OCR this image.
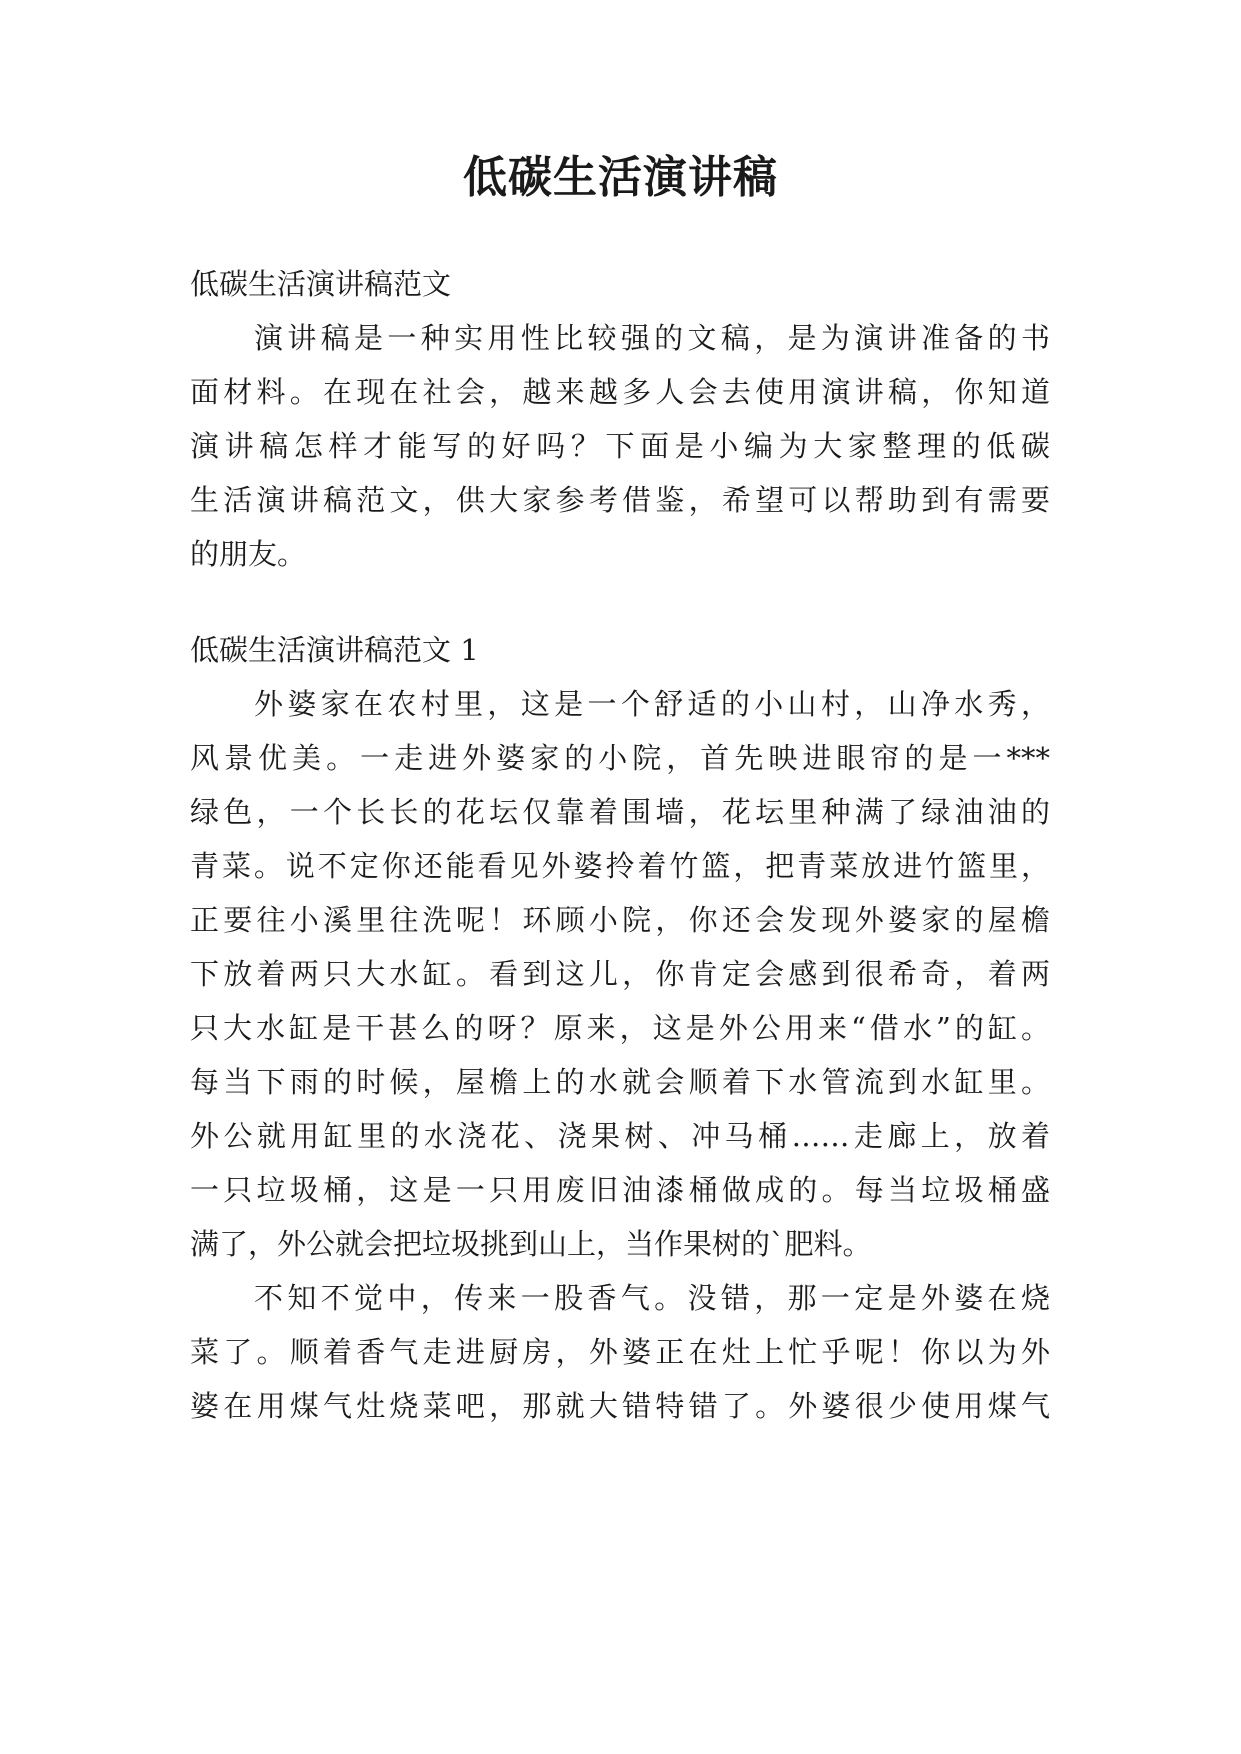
低碳生活演讲稿

低碳生活演讲稿范文

演讲稿是一种实用性比较强的文稿，是为演讲准备的书

面材料。在现在社会，越来越多人会去使用演讲稿，你知道

演讲稿怎样才能写的好吗？下面是小编为大家整理的低碳

生活演讲稿范文，供大家参考借鉴，希望可以帮助到有需要

的朋友。

低碳生活演讲稿范文 1

外婆家在农村里，这是一个舒适的小山村，山净水秀，

风景优美。一走进外婆家的小院，首先映进眼帘的是一***

绿色，一个长长的花坛仅靠着围墙，花坛里种满了绿油油的

青菜。说不定你还能看见外婆拎着竹篮，把青菜放进竹篮里，

正要往小溪里往洗呢！环顾小院，你还会发现外婆家的屋檐

下放着两只大水缸。看到这儿，你肯定会感到很希奇，着两

只大水缸是干甚么的呀？原来，这是外公用来“借水”的缸。

每当下雨的时候，屋檐上的水就会顺着下水管流到水缸里。

外公就用缸里的水浇花、浇果树、冲马桶……走廊上，放着

一只垃圾桶，这是一只用废旧油漆桶做成的。每当垃圾桶盛

满了，外公就会把垃圾挑到山上，当作果树的`肥料。

不知不觉中，传来一股香气。没错，那一定是外婆在烧

菜了。顺着香气走进厨房，外婆正在灶上忙乎呢！你以为外

婆在用煤气灶烧菜吧，那就大错特错了。外婆很少使用煤气
